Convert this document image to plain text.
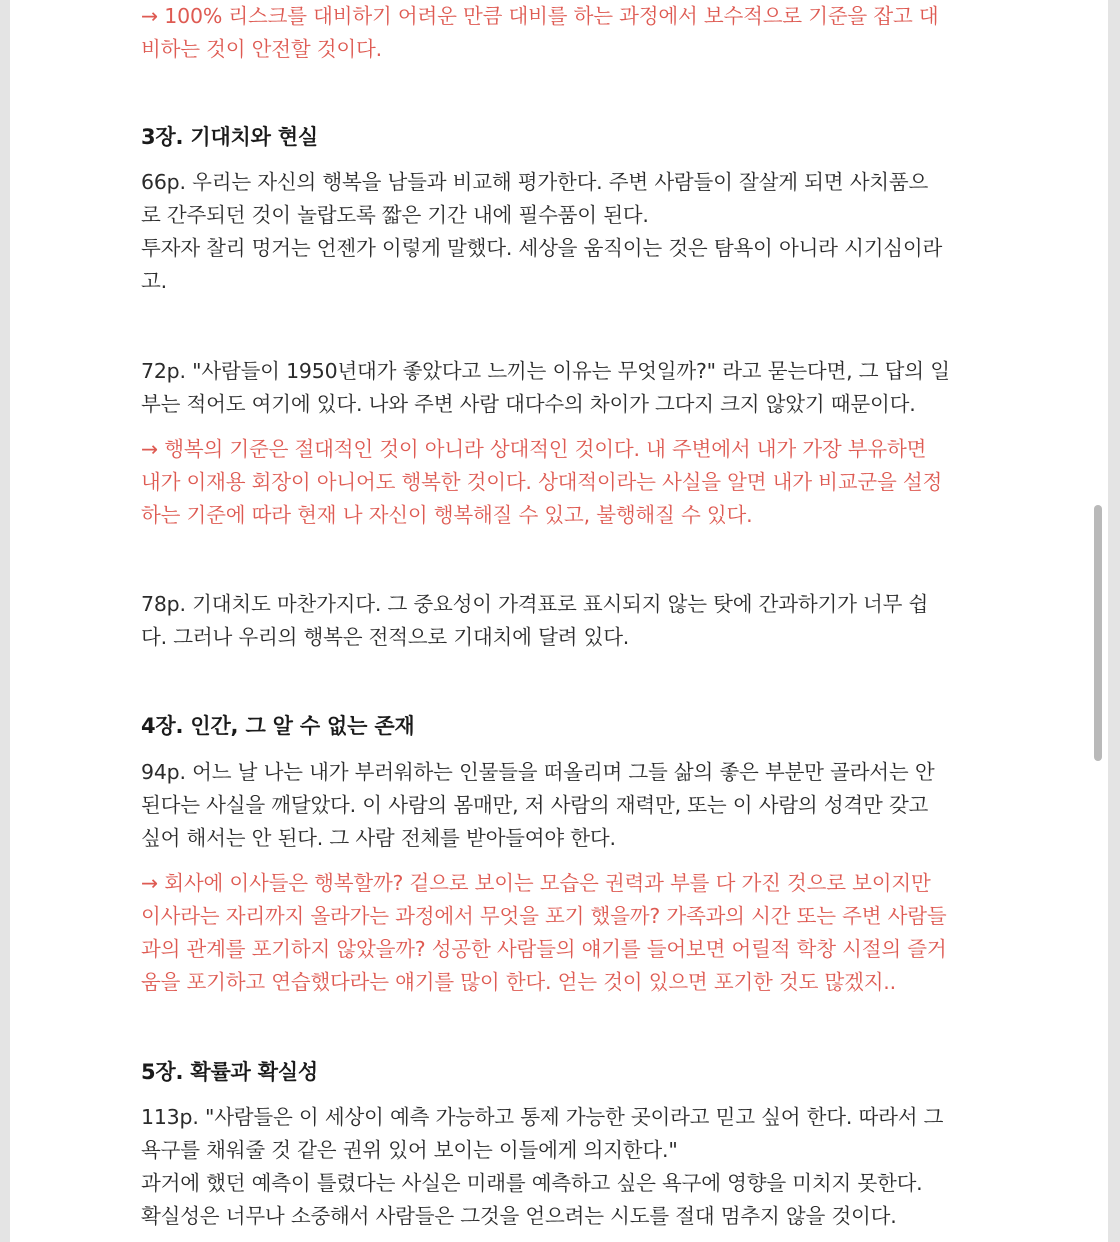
→ 100% 리스크를 대비하기 어려운 만큼 대비를 하는 과정에서 보수적으로 기준을 잡고 대
비하는 것이 안전할 것이다.
3장. 기대치와 현실
66p. 우리는 자신의 행복을 남들과 비교해 평가한다. 주변 사람들이 잘살게 되면 사치품으
로 간주되던 것이 놀랍도록 짧은 기간 내에 필수품이 된다.
투자자 찰리 멍거는 언젠가 이렇게 말했다. 세상을 움직이는 것은 탐욕이 아니라 시기심이라
고.
72p. "사람들이 1950년대가 좋았다고 느끼는 이유는 무엇일까?" 라고 묻는다면, 그 답의 일
부는 적어도 여기에 있다. 나와 주변 사람 대다수의 차이가 그다지 크지 않았기 때문이다.
→ 행복의 기준은 절대적인 것이 아니라 상대적인 것이다. 내 주변에서 내가 가장 부유하면
내가 이재용 회장이 아니어도 행복한 것이다. 상대적이라는 사실을 알면 내가 비교군을 설정
하는 기준에 따라 현재 나 자신이 행복해질 수 있고, 불행해질 수 있다.
78p. 기대치도 마찬가지다. 그 중요성이 가격표로 표시되지 않는 탓에 간과하기가 너무 쉽
다. 그러나 우리의 행복은 전적으로 기대치에 달려 있다.
4장. 인간, 그 알 수 없는 존재
94p. 어느 날 나는 내가 부러워하는 인물들을 떠올리며 그들 삶의 좋은 부분만 골라서는 안
된다는 사실을 깨달았다. 이 사람의 몸매만, 저 사람의 재력만, 또는 이 사람의 성격만 갖고
싶어 해서는 안 된다. 그 사람 전체를 받아들여야 한다.
→ 회사에 이사들은 행복할까? 겉으로 보이는 모습은 권력과 부를 다 가진 것으로 보이지만
이사라는 자리까지 올라가는 과정에서 무엇을 포기 했을까? 가족과의 시간 또는 주변 사람들
과의 관계를 포기하지 않았을까? 성공한 사람들의 얘기를 들어보면 어릴적 학창 시절의 즐거
움을 포기하고 연습했다라는 얘기를 많이 한다. 얻는 것이 있으면 포기한 것도 많겠지..
5장. 확률과 확실성
113p. "사람들은 이 세상이 예측 가능하고 통제 가능한 곳이라고 믿고 싶어 한다. 따라서 그
욕구를 채워줄 것 같은 권위 있어 보이는 이들에게 의지한다."
과거에 했던 예측이 틀렸다는 사실은 미래를 예측하고 싶은 욕구에 영향을 미치지 못한다.
확실성은 너무나 소중해서 사람들은 그것을 얻으려는 시도를 절대 멈추지 않을 것이다.
